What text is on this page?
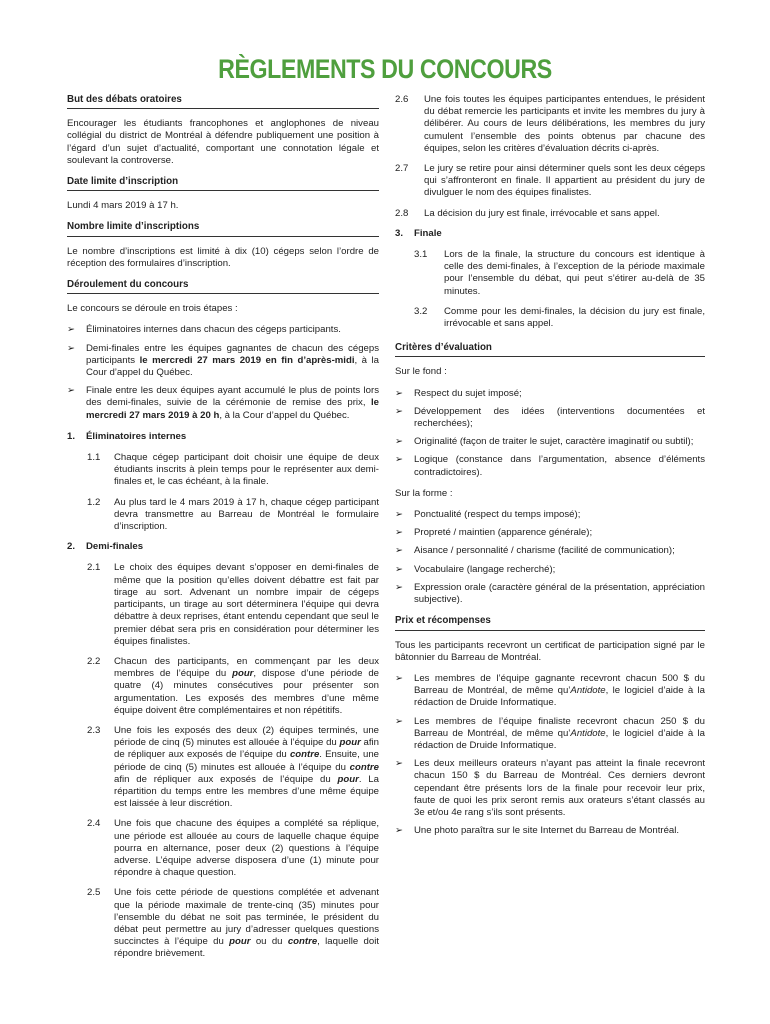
RÈGLEMENTS DU CONCOURS
But des débats oratoires

Encourager les étudiants francophones et anglophones de niveau collégial du district de Montréal à défendre publiquement une position à l’égard d’un sujet d’actualité, comportant une connotation légale et soulevant la controverse.

Date limite d’inscription

Lundi 4 mars 2019 à 17 h.

Nombre limite d’inscriptions

Le nombre d’inscriptions est limité à dix (10) cégeps selon l’ordre de réception des formulaires d’inscription.

Déroulement du concours

Le concours se déroule en trois étapes :

➢ Éliminatoires internes dans chacun des cégeps participants.
➢ Demi-finales entre les équipes gagnantes de chacun des cégeps participants le mercredi 27 mars 2019 en fin d’après-midi, à la Cour d’appel du Québec.
➢ Finale entre les deux équipes ayant accumulé le plus de points lors des demi-finales, suivie de la cérémonie de remise des prix, le mercredi 27 mars 2019 à 20 h, à la Cour d’appel du Québec.
1.	Éliminatoires internes
1.1	Chaque cégep participant doit choisir une équipe de deux étudiants inscrits à plein temps pour le représenter aux demi-finales et, le cas échéant, à la finale.
1.2	Au plus tard le 4 mars 2019 à 17 h, chaque cégep participant devra transmettre au Barreau de Montréal le formulaire d’inscription.
2.	Demi-finales
2.1	Le choix des équipes devant s’opposer en demi-finales de même que la position qu’elles doivent débattre est fait par tirage au sort. Advenant un nombre impair de cégeps participants, un tirage au sort déterminera l’équipe qui devra débattre à deux reprises, étant entendu cependant que seul le premier débat sera pris en considération pour déterminer les équipes finalistes.
2.2	Chacun des participants, en commençant par les deux membres de l’équipe du pour, dispose d’une période de quatre (4) minutes consécutives pour présenter son argumentation. Les exposés des membres d’une même équipe doivent être complémentaires et non répétitifs.
2.3	Une fois les exposés des deux (2) équipes terminés, une période de cinq (5) minutes est allouée à l’équipe du pour afin de répliquer aux exposés de l’équipe du contre. Ensuite, une période de cinq (5) minutes est allouée à l’équipe du contre afin de répliquer aux exposés de l’équipe du pour. La répartition du temps entre les membres d’une même équipe est laissée à leur discrétion.
2.4	Une fois que chacune des équipes a complété sa réplique, une période est allouée au cours de laquelle chaque équipe pourra en alternance, poser deux (2) questions à l’équipe adverse. L’équipe adverse disposera d’une (1) minute pour répondre à chaque question.
2.5	Une fois cette période de questions complétée et advenant que la période maximale de trente-cinq (35) minutes pour l’ensemble du débat ne soit pas terminée, le président du débat peut permettre au jury d’adresser quelques questions succinctes à l’équipe du pour ou du contre, laquelle doit répondre brièvement.
2.6	Une fois toutes les équipes participantes entendues, le président du débat remercie les participants et invite les membres du jury à délibérer. Au cours de leurs délibérations, les membres du jury cumulent l’ensemble des points obtenus par chacune des équipes, selon les critères d’évaluation décrits ci-après.
2.7	Le jury se retire pour ainsi déterminer quels sont les deux cégeps qui s’affronteront en finale. Il appartient au président du jury de divulguer le nom des équipes finalistes.
2.8	La décision du jury est finale, irrévocable et sans appel.
3.	Finale
3.1	Lors de la finale, la structure du concours est identique à celle des demi-finales, à l’exception de la période maximale pour l’ensemble du débat, qui peut s’étirer au-delà de 35 minutes.
3.2	Comme pour les demi-finales, la décision du jury est finale, irrévocable et sans appel.
Critères d’évaluation

Sur le fond :

➢ Respect du sujet imposé;
➢ Développement des idées (interventions documentées et recherchées);
➢ Originalité (façon de traiter le sujet, caractère imaginatif ou subtil);
➢ Logique (constance dans l’argumentation, absence d’éléments contradictoires).

Sur la forme :

➢ Ponctualité (respect du temps imposé);
➢ Propreté / maintien (apparence générale);
➢ Aisance / personnalité / charisme (facilité de communication);
➢ Vocabulaire (langage recherché);
➢ Expression orale (caractère général de la présentation, appréciation subjective).
Prix et récompenses

Tous les participants recevront un certificat de participation signé par le bâtonnier du Barreau de Montréal.

➢ Les membres de l’équipe gagnante recevront chacun 500 $ du Barreau de Montréal, de même qu’Antidote, le logiciel d’aide à la rédaction de Druide Informatique.
➢ Les membres de l’équipe finaliste recevront chacun 250 $ du Barreau de Montréal, de même qu’Antidote, le logiciel d’aide à la rédaction de Druide Informatique.
➢ Les deux meilleurs orateurs n’ayant pas atteint la finale recevront chacun 150 $ du Barreau de Montréal. Ces derniers devront cependant être présents lors de la finale pour recevoir leur prix, faute de quoi les prix seront remis aux orateurs s’étant classés au 3e et/ou 4e rang s’ils sont présents.
➢ Une photo paraîtra sur le site Internet du Barreau de Montréal.
